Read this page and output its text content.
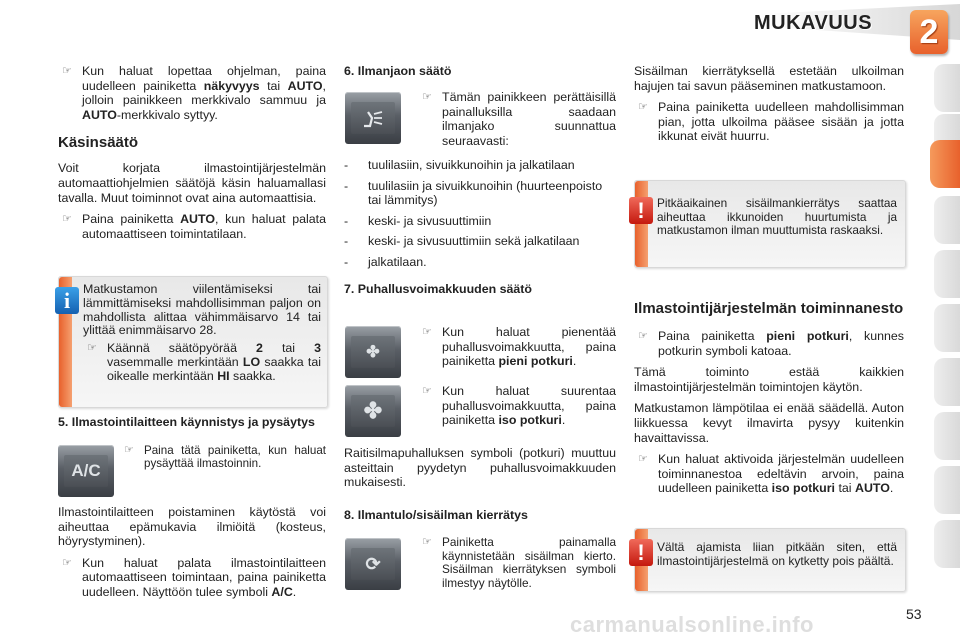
MUKAVUUS 2
☞ Kun haluat lopettaa ohjelman, paina uudelleen painiketta näkyvyys tai AUTO, jolloin painikkeen merkkivalo sammuu ja AUTO-merkkivalo syttyy.
Käsinsäätö
Voit korjata ilmastointijärjestelmän automaattiohjelmien säätöjä käsin haluamallasi tavalla. Muut toiminnot ovat aina automaattisia.
☞ Paina painiketta AUTO, kun haluat palata automaattiseen toimintatilaan.
i	Matkustamon viilentämiseksi tai lämmittämiseksi mahdollisimman paljon on mahdollista alittaa vähimmäisarvo 14 tai ylittää enimmäisarvo 28.
☞ Käännä säätöpyörää 2 tai 3 vasemmalle merkintään LO saakka tai oikealle merkintään HI saakka.
5. Ilmastointilaitteen käynnistys ja pysäytys
A/C
☞ Paina tätä painiketta, kun haluat pysäyttää ilmastoinnin.
Ilmastointilaitteen poistaminen käytöstä voi aiheuttaa epämukavia ilmiöitä (kosteus, höyrystyminen).
☞ Kun haluat palata ilmastointilaitteen automaattiseen toimintaan, paina painiketta uudelleen. Näyttöön tulee symboli A/C.
6. Ilmanjaon säätö
☞ Tämän painikkeen perättäisillä painalluksilla saadaan ilmanjako suunnattua seuraavasti:
- tuulilasiin, sivuikkunoihin ja jalkatilaan
- tuulilasiin ja sivuikkunoihin (huurteenpoisto tai lämmitys)
- keski- ja sivusuuttimiin
- keski- ja sivusuuttimiin sekä jalkatilaan
- jalkatilaan.
7. Puhallusvoimakkuuden säätö
✤
☞ Kun haluat pienentää puhallusvoimakkuutta, paina painiketta pieni potkuri.
✤
☞ Kun haluat suurentaa puhallusvoimakkuutta, paina painiketta iso potkuri.
Raitisilmapuhalluksen symboli (potkuri) muuttuu asteittain pyydetyn puhallusvoimakkuuden mukaisesti.
8. Ilmantulo/sisäilman kierrätys
⟳
☞ Painiketta painamalla käynnistetään sisäilman kierto. Sisäilman kierrätyksen symboli ilmestyy näytölle.
Sisäilman kierrätyksellä estetään ulkoilman hajujen tai savun pääseminen matkustamoon.
☞ Paina painiketta uudelleen mahdollisimman pian, jotta ulkoilma pääsee sisään ja jotta ikkunat eivät huurru.
!	Pitkäaikainen sisäilmankierrätys saattaa aiheuttaa ikkunoiden huurtumista ja matkustamon ilman muuttumista raskaaksi.
Ilmastointijärjestelmän toiminnanesto
☞ Paina painiketta pieni potkuri, kunnes potkurin symboli katoaa.
Tämä toiminto estää kaikkien ilmastointijärjestelmän toimintojen käytön.
Matkustamon lämpötilaa ei enää säädellä. Auton liikkuessa kevyt ilmavirta pysyy kuitenkin havaittavissa.
☞ Kun haluat aktivoida järjestelmän uudelleen toiminnanestoa edeltävin arvoin, paina uudelleen painiketta iso potkuri tai AUTO.
!	Vältä ajamista liian pitkään siten, että ilmastointijärjestelmä on kytketty pois päältä.
53
carmanualsonline.info
